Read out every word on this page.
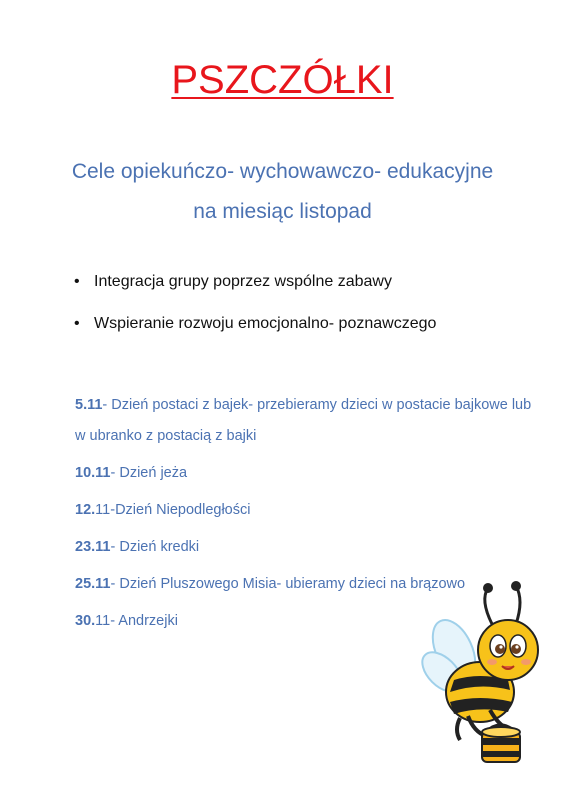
PSZCZÓŁKI
Cele opiekuńczo- wychowawczo- edukacyjne
na miesiąc listopad
• Integracja grupy poprzez wspólne zabawy
• Wspieranie rozwoju emocjonalno- poznawczego
5.11- Dzień postaci z bajek- przebieramy dzieci w postacie bajkowe lub w ubranko z postacią z bajki
10.11- Dzień jeża
12.11-Dzień Niepodległości
23.11- Dzień kredki
25.11- Dzień Pluszowego Misia- ubieramy dzieci na brązowo
30.11- Andrzejki
